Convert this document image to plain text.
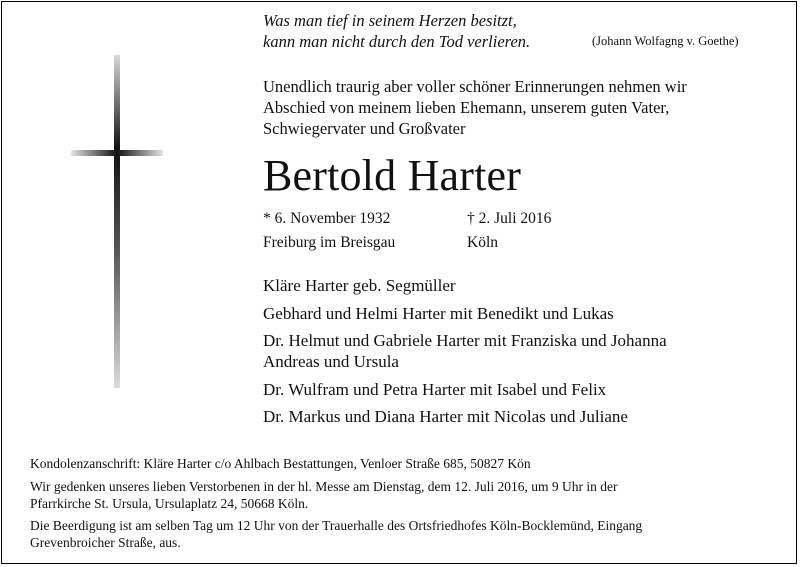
Was man tief in seinem Herzen besitzt,
kann man nicht durch den Tod verlieren.	(Johann Wolfagng v. Goethe)
Unendlich traurig aber voller schöner Erinnerungen nehmen wir
Abschied von meinem lieben Ehemann, unserem guten Vater,
Schwiegervater und Großvater
Bertold Harter
* 6. November 1932
Freiburg im Breisgau
† 2. Juli 2016
Köln
Kläre Harter geb. Segmüller
Gebhard und Helmi Harter mit Benedikt und Lukas
Dr. Helmut und Gabriele Harter mit Franziska und Johanna
Andreas und Ursula
Dr. Wulfram und Petra Harter mit Isabel und Felix
Dr. Markus und Diana Harter mit Nicolas und Juliane

Kondolenzanschrift: Kläre Harter c/o Ahlbach Bestattungen, Venloer Straße 685, 50827 Kön

Wir gedenken unseres lieben Verstorbenen in der hl. Messe am Dienstag, dem 12. Juli 2016, um 9 Uhr in der
Pfarrkirche St. Ursula, Ursulaplatz 24, 50668 Köln.

Die Beerdigung ist am selben Tag um 12 Uhr von der Trauerhalle des Ortsfriedhofes Köln-Bocklemünd, Eingang
Grevenbroicher Straße, aus.
